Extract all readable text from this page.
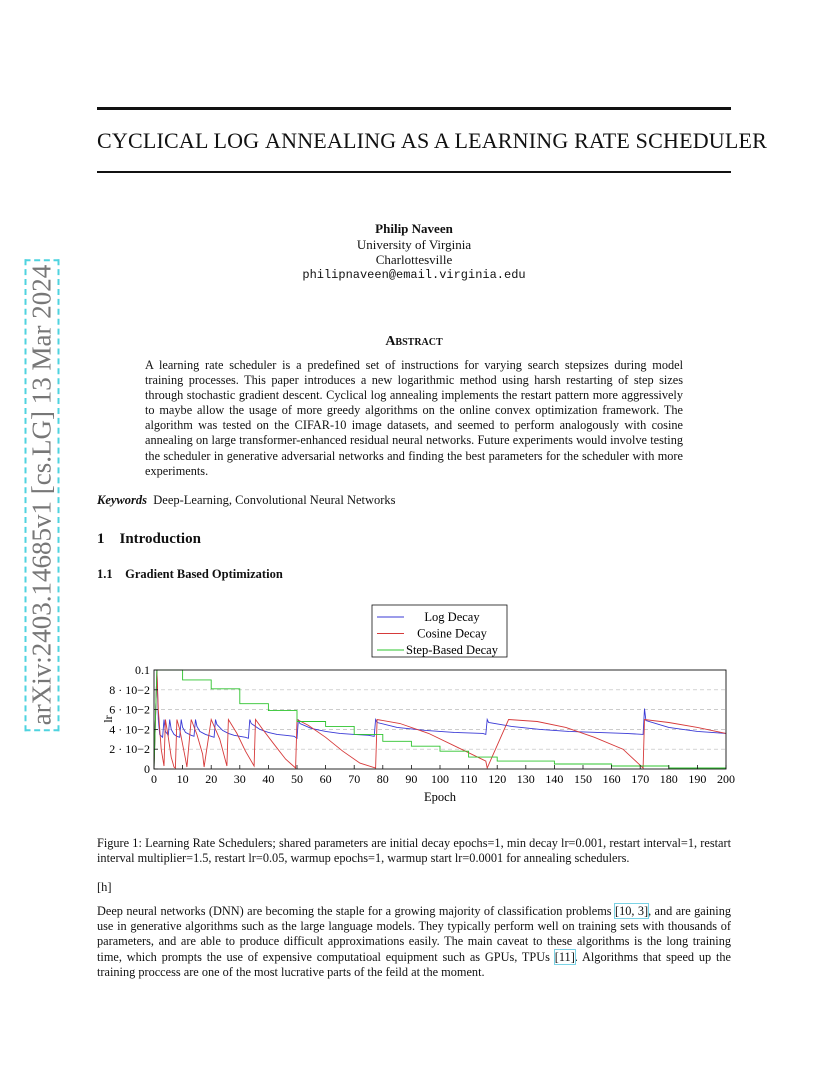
arXiv:2403.14685v1 [cs.LG] 13 Mar 2024
CYCLICAL LOG ANNEALING AS A LEARNING RATE SCHEDULER
Philip Naveen
University of Virginia
Charlottesville
philipnaveen@email.virginia.edu
Abstract
A learning rate scheduler is a predefined set of instructions for varying search stepsizes during model training processes. This paper introduces a new logarithmic method using harsh restarting of step sizes through stochastic gradient descent. Cyclical log annealing implements the restart pattern more aggressively to maybe allow the usage of more greedy algorithms on the online convex optimization framework. The algorithm was tested on the CIFAR-10 image datasets, and seemed to perform analogously with cosine annealing on large transformer-enhanced residual neural networks. Future experiments would involve testing the scheduler in generative adversarial networks and finding the best parameters for the scheduler with more experiments.
Keywords Deep-Learning, Convolutional Neural Networks
1    Introduction
1.1    Gradient Based Optimization
0 10 20 30 40 50 60 70 80 90 100 110 120 130 140 150 160 170 180 190 200
0
2 · 10−2
4 · 10−2
6 · 10−2
8 · 10−2
0.1
Epoch
lr
Log Decay
Cosine Decay
Step-Based Decay
Figure 1: Learning Rate Schedulers; shared parameters are initial decay epochs=1, min decay lr=0.001, restart interval=1, restart interval multiplier=1.5, restart lr=0.05, warmup epochs=1, warmup start lr=0.0001 for annealing schedulers.
[h]
Deep neural networks (DNN) are becoming the staple for a growing majority of classification problems [10, 3], and are gaining use in generative algorithms such as the large language models. They typically perform well on training sets with thousands of parameters, and are able to produce difficult approximations easily. The main caveat to these algorithms is the long training time, which prompts the use of expensive computatioal equipment such as GPUs, TPUs [11]. Algorithms that speed up the training proccess are one of the most lucrative parts of the feild at the moment.
